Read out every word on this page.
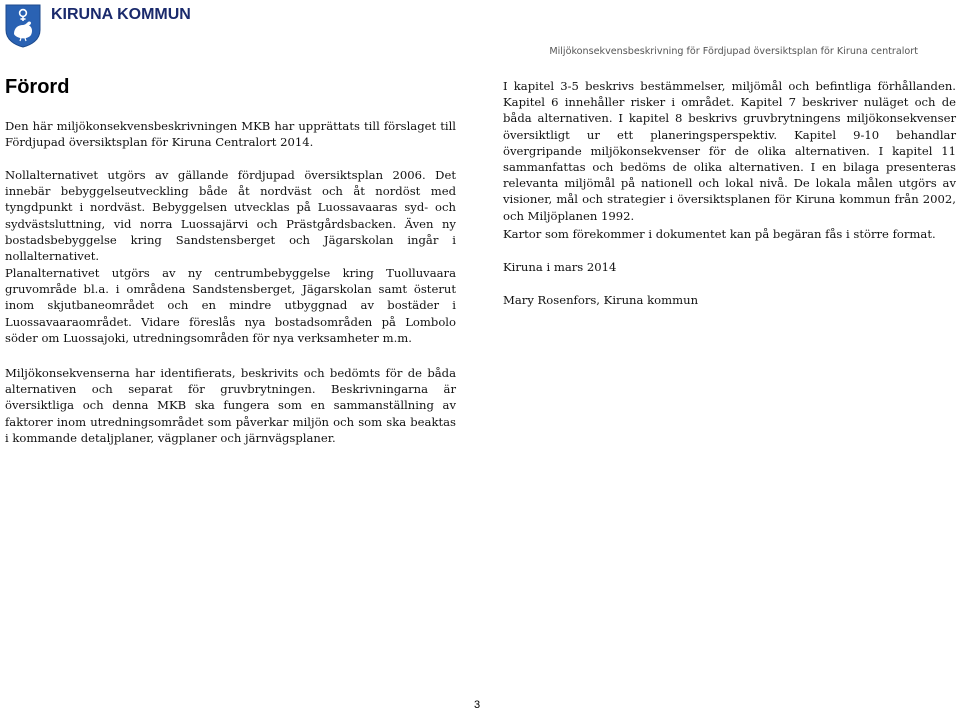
KIRUNA KOMMUN
Miljökonsekvensbeskrivning för Fördjupad översiktsplan för Kiruna centralort
Förord

Den här miljökonsekvensbeskrivningen MKB har upprättats till förslaget till Fördjupad översiktsplan för Kiruna Centralort 2014.

Nollalternativet utgörs av gällande fördjupad översiktsplan 2006. Det innebär bebyggelseutveckling både åt nordväst och åt nordöst med tyngdpunkt i nordväst. Bebyggelsen utvecklas på Luossavaaras syd- och sydvästsluttning, vid norra Luossajärvi och Prästgårdsbacken. Även ny bostadsbebyggelse kring Sandstensberget och Jägarskolan ingår i nollalternativet.

Planalternativet utgörs av ny centrumbebyggelse kring Tuolluvaara gruvområde bl.a. i områdena Sandstensberget, Jägarskolan samt österut inom skjutbaneområdet och en mindre utbyggnad av bostäder i Luossavaaraområdet. Vidare föreslås nya bostadsområden på Lombolo söder om Luossajoki, utredningsområden för nya verksamheter m.m.

Miljökonsekvenserna har identifierats, beskrivits och bedömts för de båda alternativen och separat för gruvbrytningen. Beskrivningarna är översiktliga och denna MKB ska fungera som en sammanställning av faktorer inom utredningsområdet som påverkar miljön och som ska beaktas i kommande detaljplaner, vägplaner och järnvägsplaner.

I kapitel 3-5 beskrivs bestämmelser, miljömål och befintliga förhållanden. Kapitel 6 innehåller risker i området. Kapitel 7 beskriver nuläget och de båda alternativen. I kapitel 8 beskrivs gruvbrytningens miljökonsekvenser översiktligt ur ett planeringsperspektiv. Kapitel 9-10 behandlar övergripande miljökonsekvenser för de olika alternativen. I kapitel 11 sammanfattas och bedöms de olika alternativen. I en bilaga presenteras relevanta miljömål på nationell och lokal nivå. De lokala målen utgörs av visioner, mål och strategier i översiktsplanen för Kiruna kommun från 2002, och Miljöplanen 1992.

Kartor som förekommer i dokumentet kan på begäran fås i större format.

Kiruna i mars 2014

Mary Rosenfors, Kiruna kommun

3
